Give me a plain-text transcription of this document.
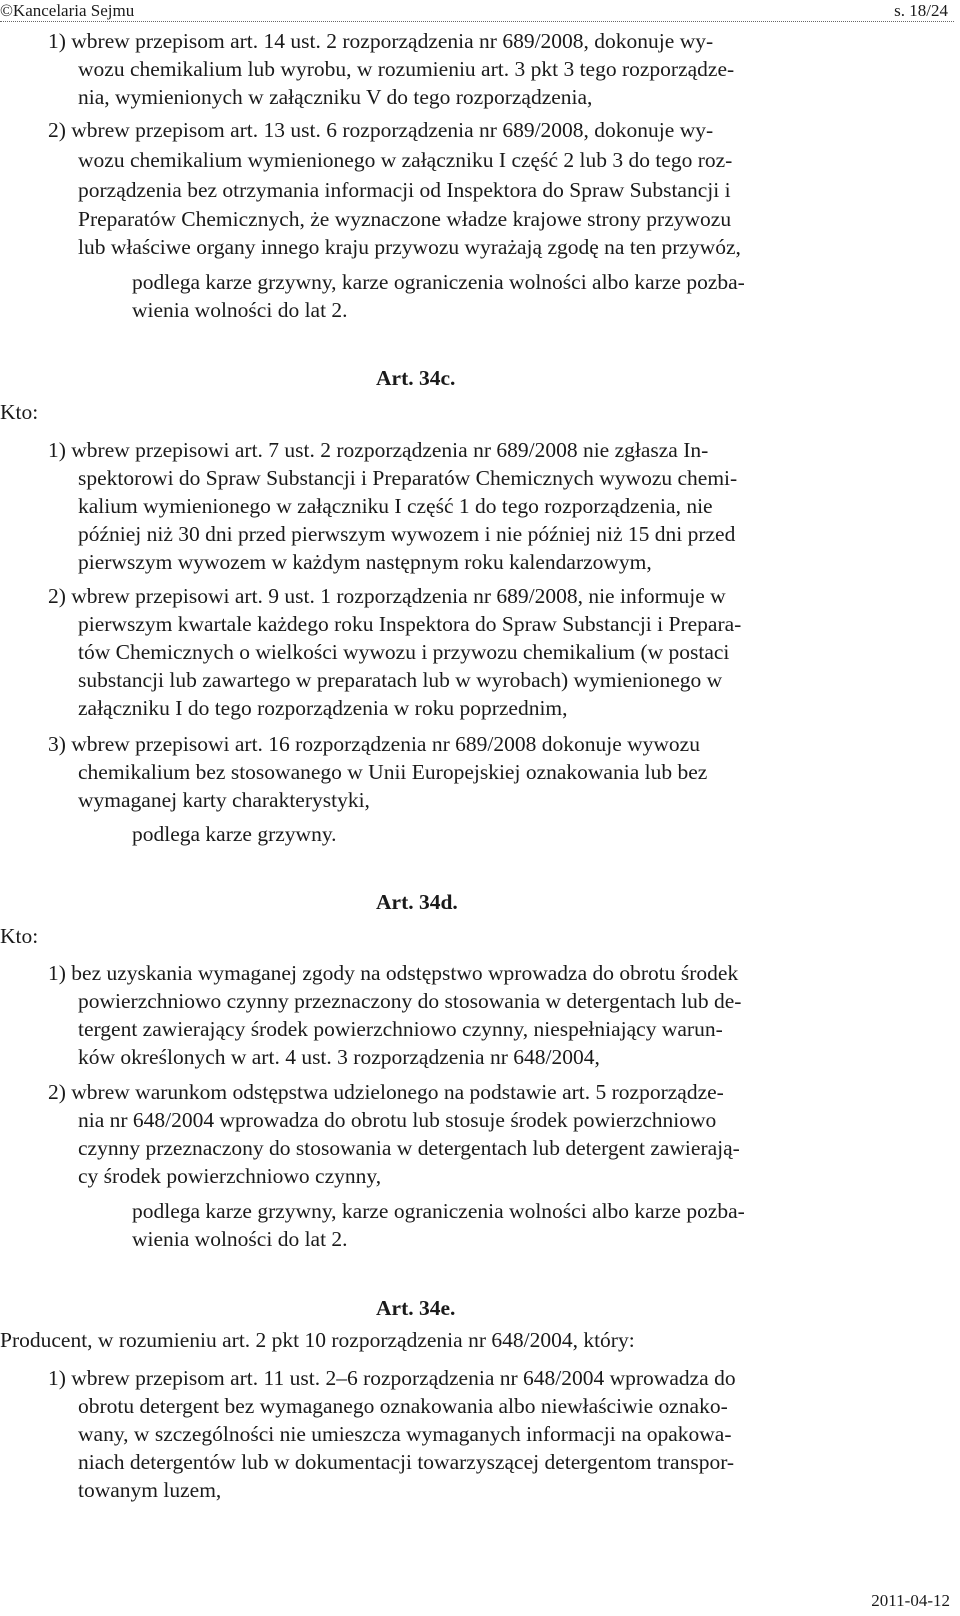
©Kancelaria Sejmu	s. 18/24
1) wbrew przepisom art. 14 ust. 2 rozporządzenia nr 689/2008, dokonuje wy-
wozu chemikalium lub wyrobu, w rozumieniu art. 3 pkt 3 tego rozporządze-
nia, wymienionych w załączniku V do tego rozporządzenia,
2) wbrew przepisom art. 13 ust. 6 rozporządzenia nr 689/2008, dokonuje wy-
wozu chemikalium wymienionego w załączniku I część 2 lub 3 do tego roz-
porządzenia bez otrzymania informacji od Inspektora do Spraw Substancji i
Preparatów Chemicznych, że wyznaczone władze krajowe strony przywozu
lub właściwe organy innego kraju przywozu wyrażają zgodę na ten przywóz,
podlega karze grzywny, karze ograniczenia wolności albo karze pozba-
wienia wolności do lat 2.
Art. 34c.
Kto:
1) wbrew przepisowi art. 7 ust. 2 rozporządzenia nr 689/2008 nie zgłasza In-
spektorowi do Spraw Substancji i Preparatów Chemicznych wywozu chemi-
kalium wymienionego w załączniku I część 1 do tego rozporządzenia, nie
później niż 30 dni przed pierwszym wywozem i nie później niż 15 dni przed
pierwszym wywozem w każdym następnym roku kalendarzowym,
2) wbrew przepisowi art. 9 ust. 1 rozporządzenia nr 689/2008, nie informuje w
pierwszym kwartale każdego roku Inspektora do Spraw Substancji i Prepara-
tów Chemicznych o wielkości wywozu i przywozu chemikalium (w postaci
substancji lub zawartego w preparatach lub w wyrobach) wymienionego w
załączniku I do tego rozporządzenia w roku poprzednim,
3) wbrew przepisowi art. 16 rozporządzenia nr 689/2008 dokonuje wywozu
chemikalium bez stosowanego w Unii Europejskiej oznakowania lub bez
wymaganej karty charakterystyki,
podlega karze grzywny.
Art. 34d.
Kto:
1) bez uzyskania wymaganej zgody na odstępstwo wprowadza do obrotu środek
powierzchniowo czynny przeznaczony do stosowania w detergentach lub de-
tergent zawierający środek powierzchniowo czynny, niespełniający warun-
ków określonych w art. 4 ust. 3 rozporządzenia nr 648/2004,
2) wbrew warunkom odstępstwa udzielonego na podstawie art. 5 rozporządze-
nia nr 648/2004 wprowadza do obrotu lub stosuje środek powierzchniowo
czynny przeznaczony do stosowania w detergentach lub detergent zawierają-
cy środek powierzchniowo czynny,
podlega karze grzywny, karze ograniczenia wolności albo karze pozba-
wienia wolności do lat 2.
Art. 34e.
Producent, w rozumieniu art. 2 pkt 10 rozporządzenia nr 648/2004, który:
1) wbrew przepisom art. 11 ust. 2–6 rozporządzenia nr 648/2004 wprowadza do
obrotu detergent bez wymaganego oznakowania albo niewłaściwie oznako-
wany, w szczególności nie umieszcza wymaganych informacji na opakowa-
niach detergentów lub w dokumentacji towarzyszącej detergentom transpor-
towanym luzem,
2011-04-12
